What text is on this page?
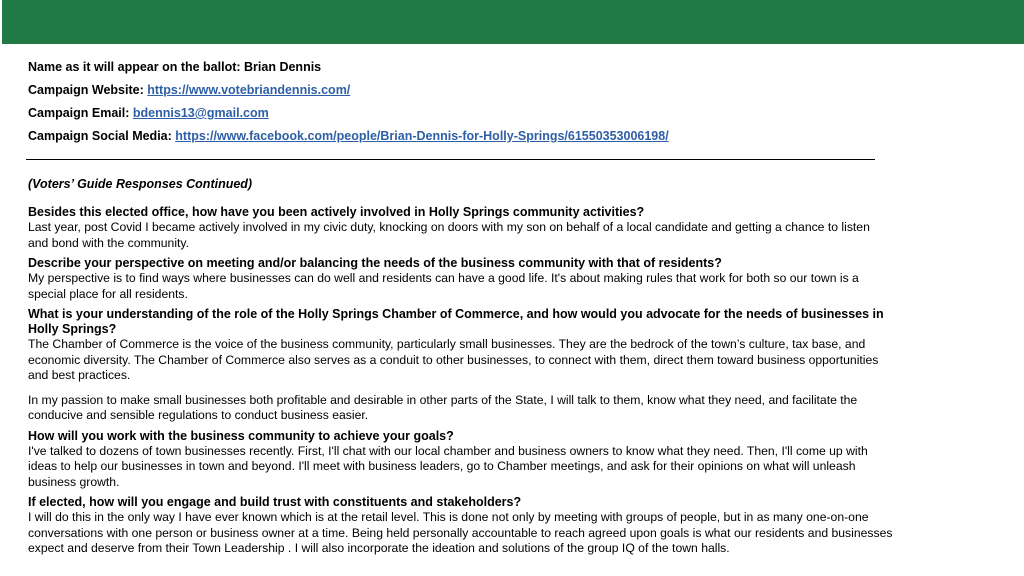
Name as it will appear on the ballot: Brian Dennis

Campaign Website: https://www.votebriandennis.com/

Campaign Email: bdennis13@gmail.com

Campaign Social Media: https://www.facebook.com/people/Brian-Dennis-for-Holly-Springs/61550353006198/

(Voters’ Guide Responses Continued)

Besides this elected office, how have you been actively involved in Holly Springs community activities?

Last year, post Covid I became actively involved in my civic duty, knocking on doors with my son on behalf of a local candidate and getting a chance to listen and bond with the community.

Describe your perspective on meeting and/or balancing the needs of the business community with that of residents?

My perspective is to find ways where businesses can do well and residents can have a good life. It's about making rules that work for both so our town is a special place for all residents.

What is your understanding of the role of the Holly Springs Chamber of Commerce, and how would you advocate for the needs of businesses in Holly Springs?

The Chamber of Commerce is the voice of the business community, particularly small businesses. They are the bedrock of the town’s culture, tax base, and economic diversity. The Chamber of Commerce also serves as a conduit to other businesses, to connect with them, direct them toward business opportunities and best practices.

In my passion to make small businesses both profitable and desirable in other parts of the State, I will talk to them, know what they need, and facilitate the conducive and sensible regulations to conduct business easier.

How will you work with the business community to achieve your goals?

I've talked to dozens of town businesses recently. First, I'll chat with our local chamber and business owners to know what they need. Then, I'll come up with ideas to help our businesses in town and beyond. I'll meet with business leaders, go to Chamber meetings, and ask for their opinions on what will unleash business growth.

If elected, how will you engage and build trust with constituents and stakeholders?

I will do this in the only way I have ever known which is at the retail level. This is done not only by meeting with groups of people, but in as many one-on-one conversations with one person or business owner at a time. Being held personally accountable to reach agreed upon goals is what our residents and businesses expect and deserve from their Town Leadership . I will also incorporate the ideation and solutions of the group IQ of the town halls.
